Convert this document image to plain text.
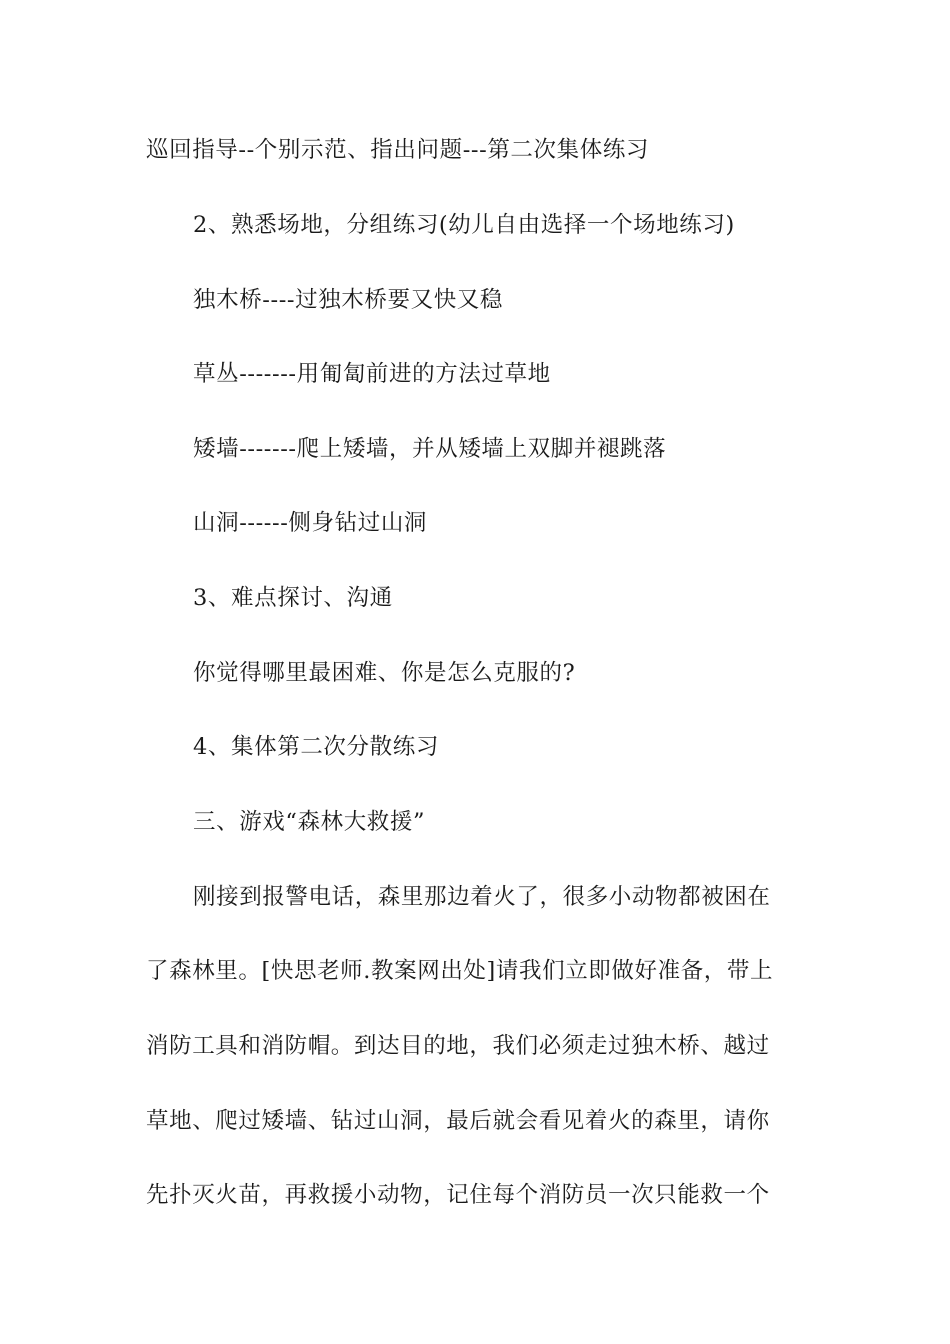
巡回指导--个别示范、指出问题---第二次集体练习
2、熟悉场地，分组练习(幼儿自由选择一个场地练习)
独木桥----过独木桥要又快又稳
草丛-------用匍匐前进的方法过草地
矮墙-------爬上矮墙，并从矮墙上双脚并褪跳落
山洞------侧身钻过山洞
3、难点探讨、沟通
你觉得哪里最困难、你是怎么克服的?
4、集体第二次分散练习
三、游戏“森林大救援”
刚接到报警电话，森里那边着火了，很多小动物都被困在
了森林里。[快思老师.教案网出处]请我们立即做好准备，带上
消防工具和消防帽。到达目的地，我们必须走过独木桥、越过
草地、爬过矮墙、钻过山洞，最后就会看见着火的森里，请你
先扑灭火苗，再救援小动物，记住每个消防员一次只能救一个
